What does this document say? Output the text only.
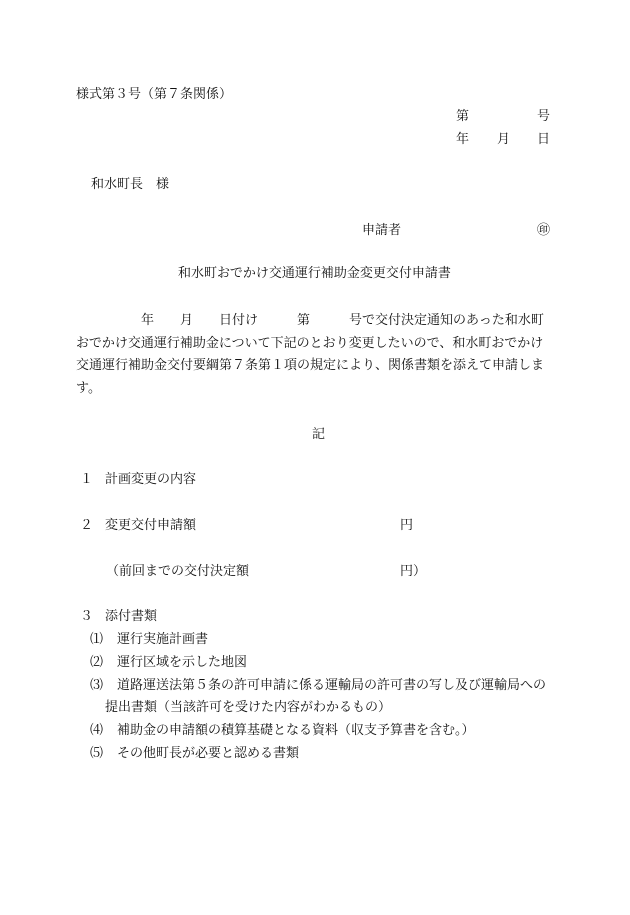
様式第３号（第７条関係）
第	号
年 月 日
和水町長　様
申請者	㊞
和水町おでかけ交通運行補助金変更交付申請書
　　　　　年　　月　　日付け　　　第　　　号で交付決定通知のあった和水町
おでかけ交通運行補助金について下記のとおり変更したいので、和水町おでかけ
交通運行補助金交付要綱第７条第１項の規定により、関係書類を添えて申請しま
す。
記
１ 計画変更の内容
２ 変更交付申請額	円
（前回までの交付決定額	円）
３ 添付書類
⑴ 運行実施計画書
⑵ 運行区域を示した地図
⑶ 道路運送法第５条の許可申請に係る運輸局の許可書の写し及び運輸局への
提出書類（当該許可を受けた内容がわかるもの）
⑷ 補助金の申請額の積算基礎となる資料（収支予算書を含む。）
⑸ その他町長が必要と認める書類
